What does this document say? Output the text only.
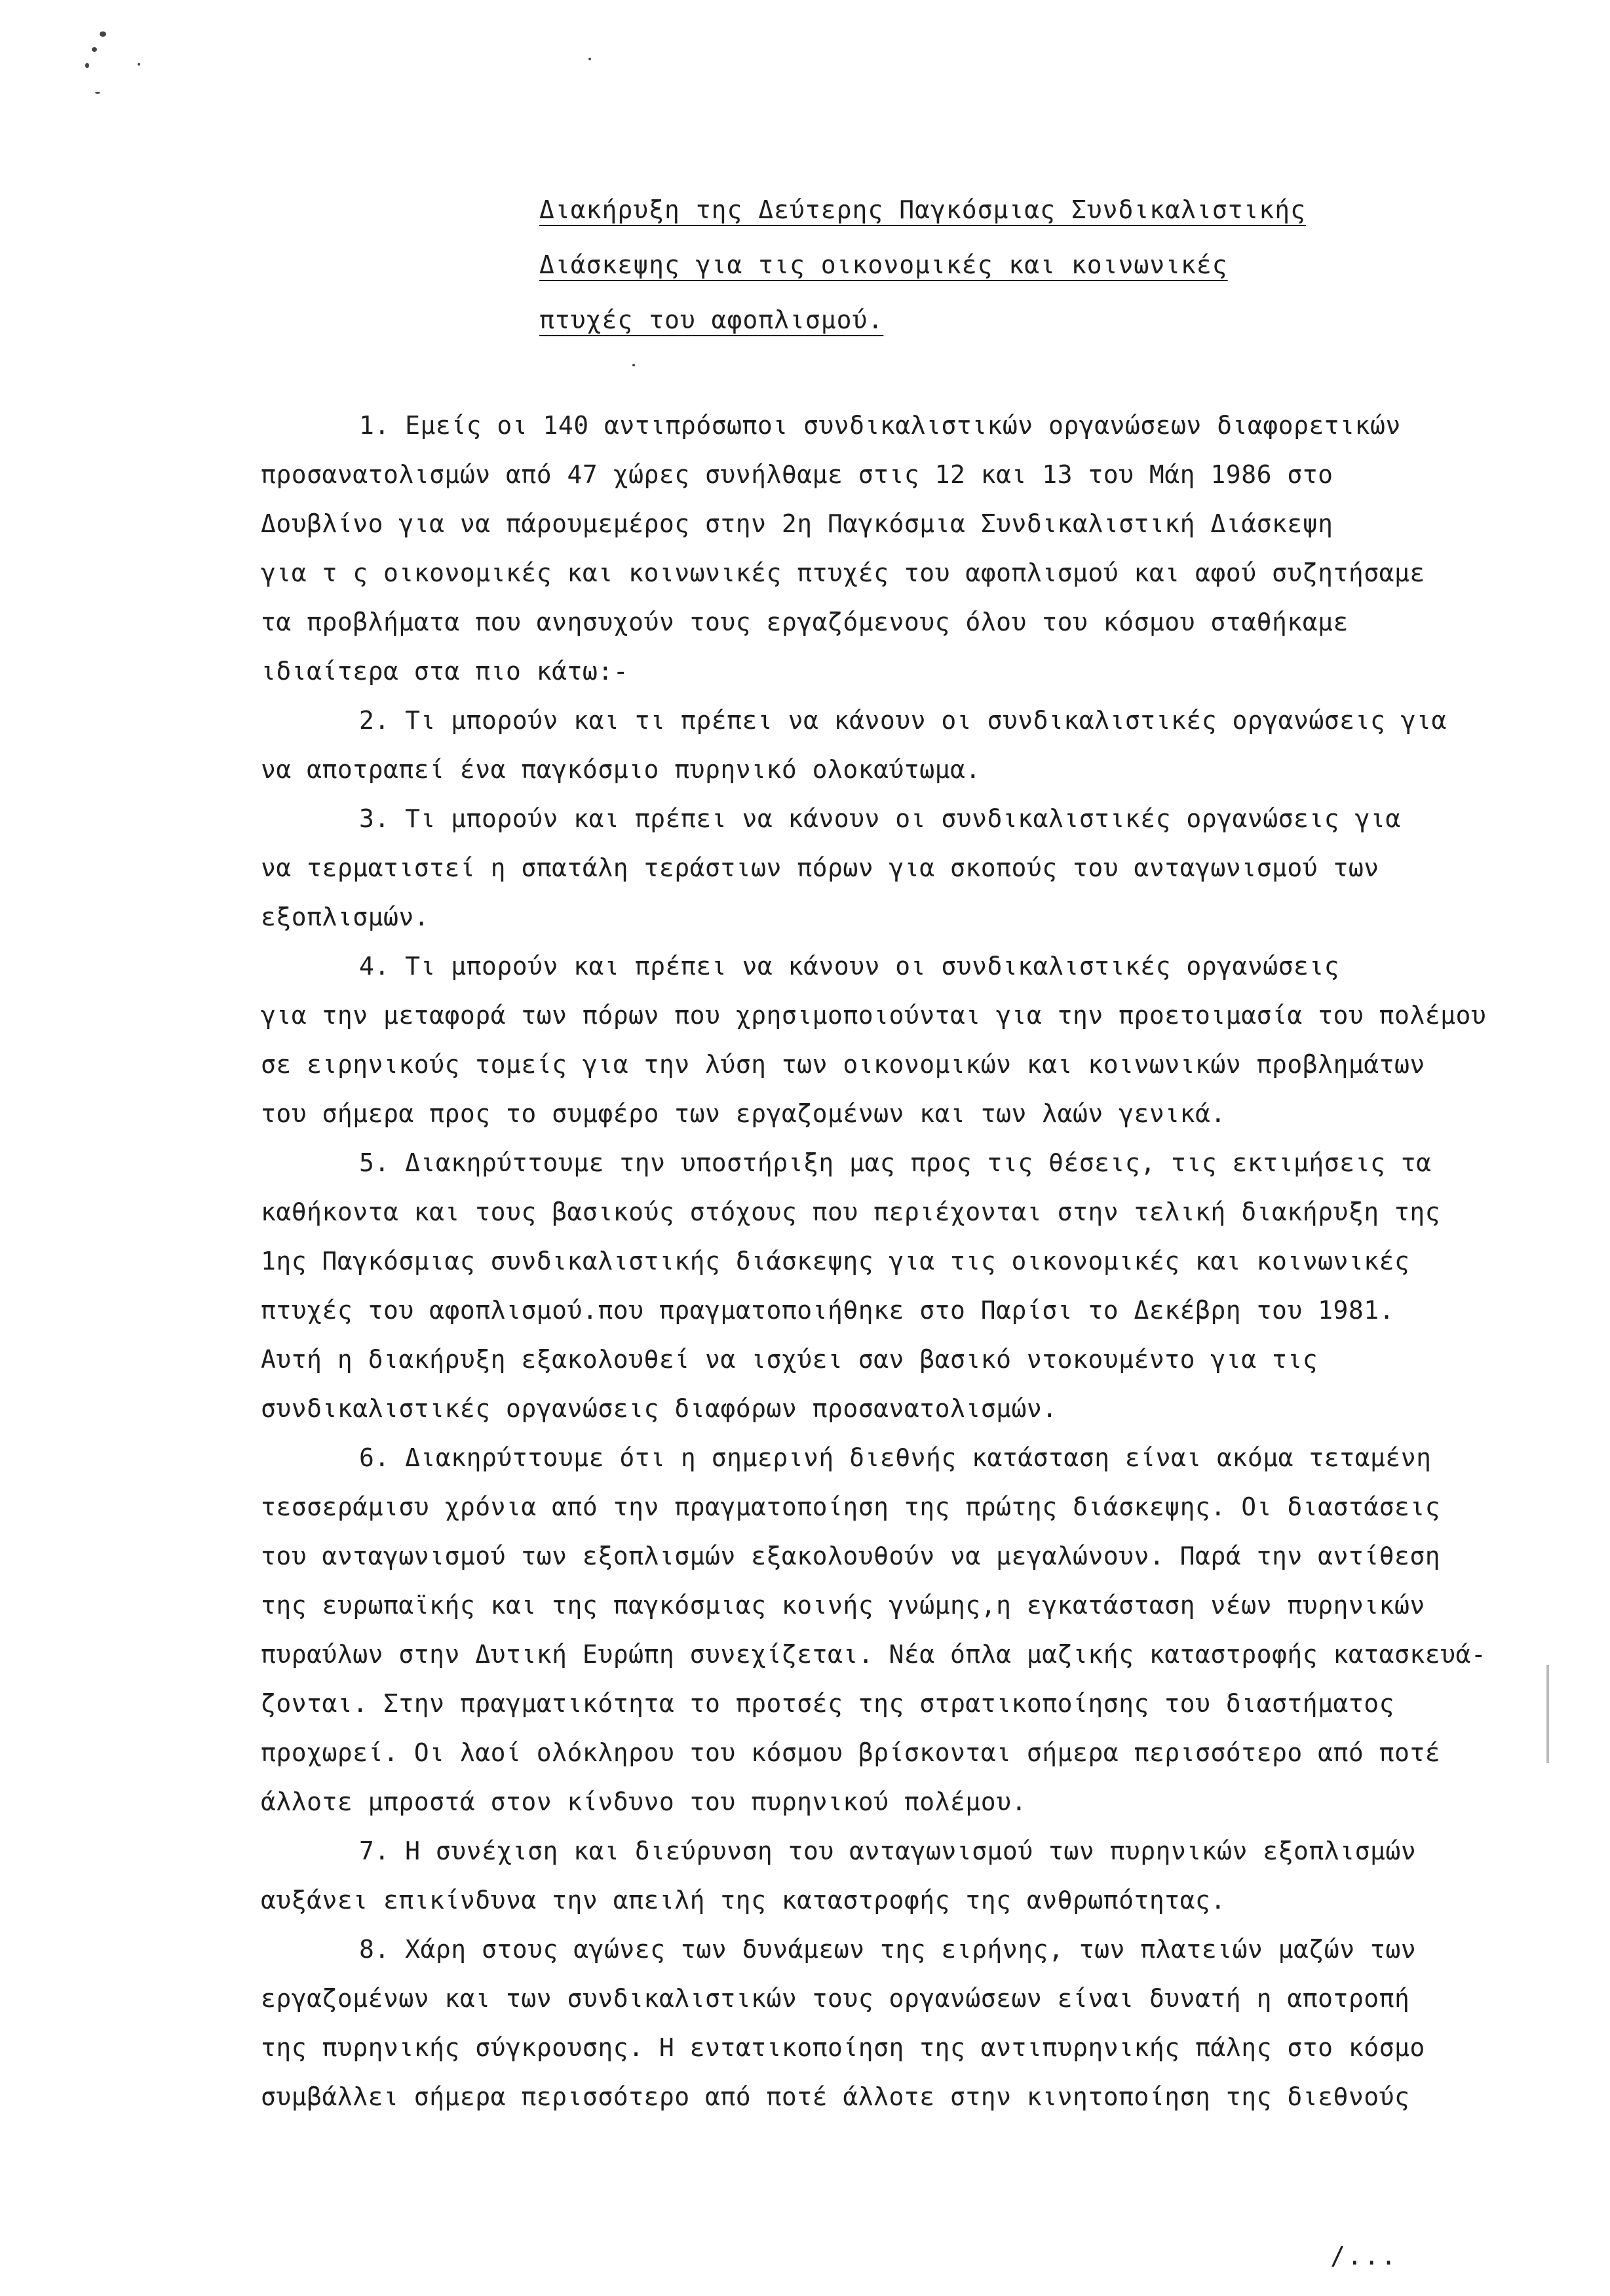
Διακήρυξη της Δεύτερης Παγκόσμιας Συνδικαλιστικής
Διάσκεψης για τις οικονομικές και κοινωνικές
πτυχές του αφοπλισμού.
1. Εμείς οι 140 αντιπρόσωποι συνδικαλιστικών οργανώσεων διαφορετικών
προσανατολισμών από 47 χώρες συνήλθαμε στις 12 και 13 του Μάη 1986 στο
Δουβλίνο για να πάρουμεμέρος στην 2η Παγκόσμια Συνδικαλιστική Διάσκεψη
για τ ς οικονομικές και κοινωνικές πτυχές του αφοπλισμού και αφού συζητήσαμε
τα προβλήματα που ανησυχούν τους εργαζόμενους όλου του κόσμου σταθήκαμε
ιδιαίτερα στα πιο κάτω:-
2. Τι μπορούν και τι πρέπει να κάνουν οι συνδικαλιστικές οργανώσεις για
να αποτραπεί ένα παγκόσμιο πυρηνικό ολοκαύτωμα.
3. Τι μπορούν και πρέπει να κάνουν οι συνδικαλιστικές οργανώσεις για
να τερματιστεί η σπατάλη τεράστιων πόρων για σκοπούς του ανταγωνισμού των
εξοπλισμών.
4. Τι μπορούν και πρέπει να κάνουν οι συνδικαλιστικές οργανώσεις
για την μεταφορά των πόρων που χρησιμοποιούνται για την προετοιμασία του πολέμου
σε ειρηνικούς τομείς για την λύση των οικονομικών και κοινωνικών προβλημάτων
του σήμερα προς το συμφέρο των εργαζομένων και των λαών γενικά.
5. Διακηρύττουμε την υποστήριξη μας προς τις θέσεις, τις εκτιμήσεις τα
καθήκοντα και τους βασικούς στόχους που περιέχονται στην τελική διακήρυξη της
1ης Παγκόσμιας συνδικαλιστικής διάσκεψης για τις οικονομικές και κοινωνικές
πτυχές του αφοπλισμού.που πραγματοποιήθηκε στο Παρίσι το Δεκέβρη του 1981.
Αυτή η διακήρυξη εξακολουθεί να ισχύει σαν βασικό ντοκουμέντο για τις
συνδικαλιστικές οργανώσεις διαφόρων προσανατολισμών.
6. Διακηρύττουμε ότι η σημερινή διεθνής κατάσταση είναι ακόμα τεταμένη
τεσσεράμισυ χρόνια από την πραγματοποίηση της πρώτης διάσκεψης. Οι διαστάσεις
του ανταγωνισμού των εξοπλισμών εξακολουθούν να μεγαλώνουν. Παρά την αντίθεση
της ευρωπαϊκής και της παγκόσμιας κοινής γνώμης,η εγκατάσταση νέων πυρηνικών
πυραύλων στην Δυτική Ευρώπη συνεχίζεται. Νέα όπλα μαζικής καταστροφής κατασκευά-
ζονται. Στην πραγματικότητα το πρoτσές της στρατικοποίησης του διαστήματος
προχωρεί. Οι λαοί ολόκληρου του κόσμου βρίσκονται σήμερα περισσότερο από ποτέ
άλλοτε μπροστά στον κίνδυνο του πυρηνικού πολέμου.
7. Η συνέχιση και διεύρυνση του ανταγωνισμού των πυρηνικών εξοπλισμών
αυξάνει επικίνδυνα την απειλή της καταστροφής της ανθρωπότητας.
8. Χάρη στους αγώνες των δυνάμεων της ειρήνης, των πλατειών μαζών των
εργαζομένων και των συνδικαλιστικών τους οργανώσεων είναι δυνατή η αποτροπή
της πυρηνικής σύγκρουσης. Η εντατικοποίηση της αντιπυρηνικής πάλης στο κόσμο
συμβάλλει σήμερα περισσότερο από ποτέ άλλοτε στην κινητοποίηση της διεθνούς
/...
